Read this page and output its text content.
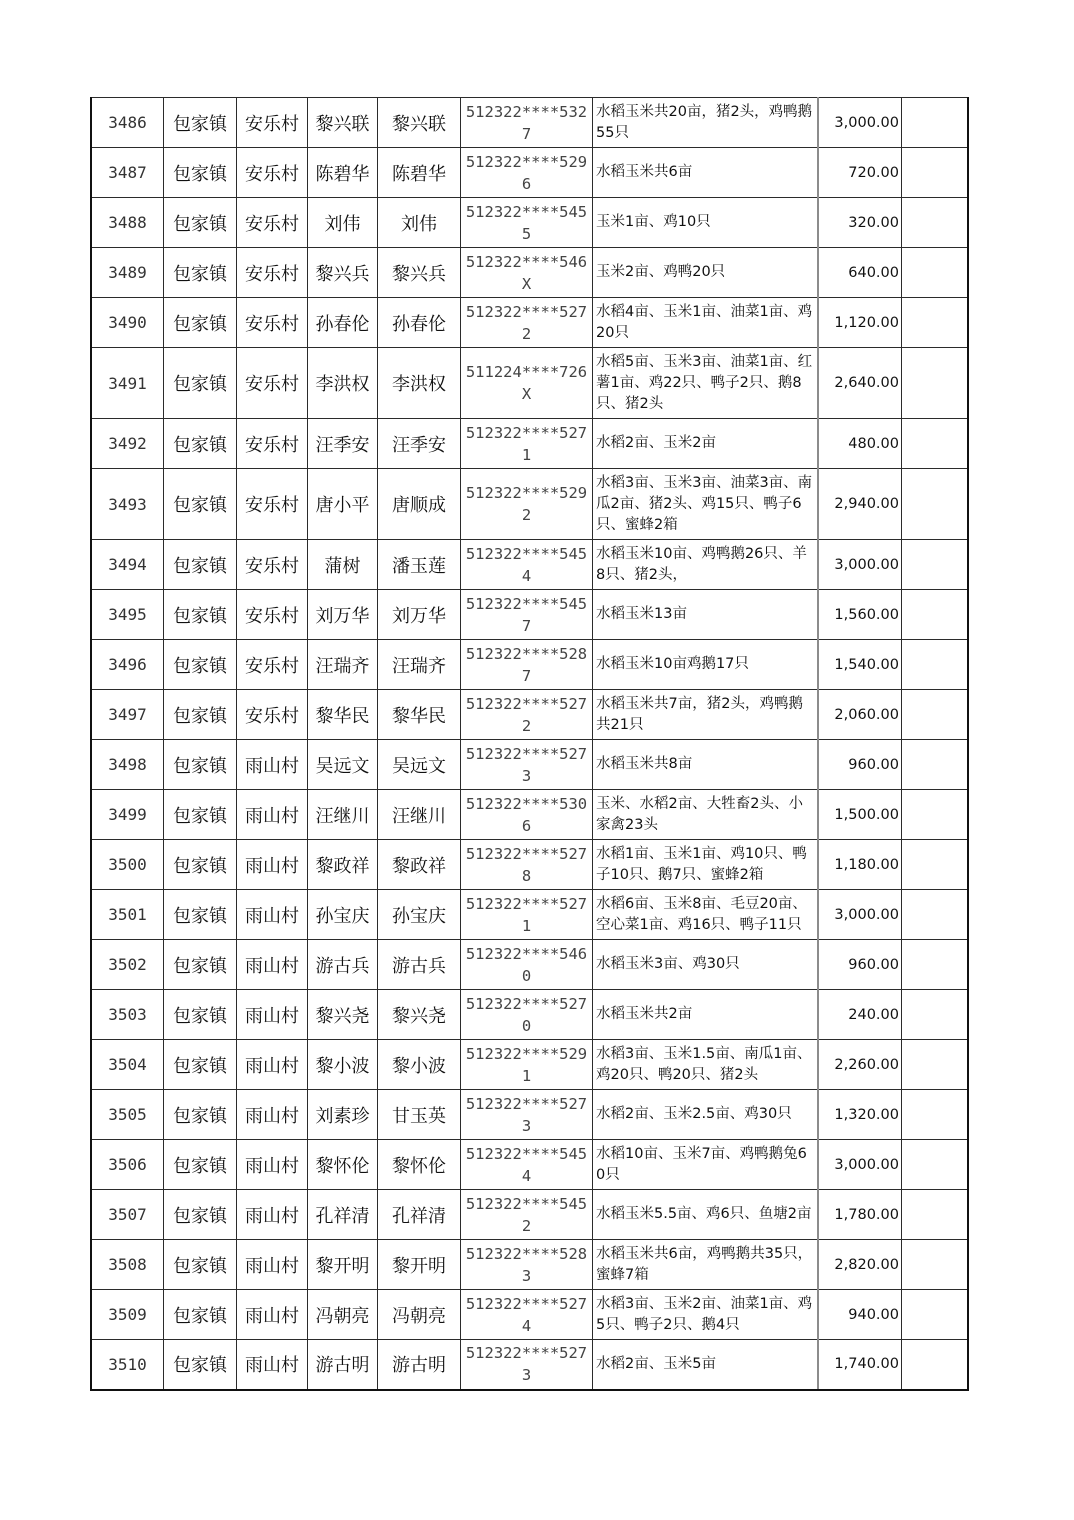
3486	包家镇	安乐村	黎兴联	黎兴联	512322****5327	水稻玉米共20亩，猪2头，鸡鸭鹅55只	3,000.00	
3487	包家镇	安乐村	陈碧华	陈碧华	512322****5296	水稻玉米共6亩	720.00	
3488	包家镇	安乐村	刘伟	刘伟	512322****5455	玉米1亩、鸡10只	320.00	
3489	包家镇	安乐村	黎兴兵	黎兴兵	512322****546X	玉米2亩、鸡鸭20只	640.00	
3490	包家镇	安乐村	孙春伦	孙春伦	512322****5272	水稻4亩、玉米1亩、油菜1亩、鸡20只	1,120.00	
3491	包家镇	安乐村	李洪权	李洪权	511224****726X	水稻5亩、玉米3亩、油菜1亩、红薯1亩、鸡22只、鸭子2只、鹅8只、猪2头	2,640.00	
3492	包家镇	安乐村	汪季安	汪季安	512322****5271	水稻2亩、玉米2亩	480.00	
3493	包家镇	安乐村	唐小平	唐顺成	512322****5292	水稻3亩、玉米3亩、油菜3亩、南瓜2亩、猪2头、鸡15只、鸭子6只、蜜蜂2箱	2,940.00	
3494	包家镇	安乐村	蒲树	潘玉莲	512322****5454	水稻玉米10亩、鸡鸭鹅26只、羊8只、猪2头，	3,000.00	
3495	包家镇	安乐村	刘万华	刘万华	512322****5457	水稻玉米13亩	1,560.00	
3496	包家镇	安乐村	汪瑞齐	汪瑞齐	512322****5287	水稻玉米10亩鸡鹅17只	1,540.00	
3497	包家镇	安乐村	黎华民	黎华民	512322****5272	水稻玉米共7亩，猪2头，鸡鸭鹅共21只	2,060.00	
3498	包家镇	雨山村	吴远文	吴远文	512322****5273	水稻玉米共8亩	960.00	
3499	包家镇	雨山村	汪继川	汪继川	512322****5306	玉米、水稻2亩、大牲畜2头、小家禽23头	1,500.00	
3500	包家镇	雨山村	黎政祥	黎政祥	512322****5278	水稻1亩、玉米1亩、鸡10只、鸭子10只、鹅7只、蜜蜂2箱	1,180.00	
3501	包家镇	雨山村	孙宝庆	孙宝庆	512322****5271	水稻6亩、玉米8亩、毛豆20亩、空心菜1亩、鸡16只、鸭子11只	3,000.00	
3502	包家镇	雨山村	游古兵	游古兵	512322****5460	水稻玉米3亩、鸡30只	960.00	
3503	包家镇	雨山村	黎兴尧	黎兴尧	512322****5270	水稻玉米共2亩	240.00	
3504	包家镇	雨山村	黎小波	黎小波	512322****5291	水稻3亩、玉米1.5亩、南瓜1亩、鸡20只、鸭20只、猪2头	2,260.00	
3505	包家镇	雨山村	刘素珍	甘玉英	512322****5273	水稻2亩、玉米2.5亩、鸡30只	1,320.00	
3506	包家镇	雨山村	黎怀伦	黎怀伦	512322****5454	水稻10亩、玉米7亩、鸡鸭鹅兔60只	3,000.00	
3507	包家镇	雨山村	孔祥清	孔祥清	512322****5452	水稻玉米5.5亩、鸡6只、鱼塘2亩	1,780.00	
3508	包家镇	雨山村	黎开明	黎开明	512322****5283	水稻玉米共6亩，鸡鸭鹅共35只，蜜蜂7箱	2,820.00	
3509	包家镇	雨山村	冯朝亮	冯朝亮	512322****5274	水稻3亩、玉米2亩、油菜1亩、鸡5只、鸭子2只、鹅4只	940.00	
3510	包家镇	雨山村	游古明	游古明	512322****5273	水稻2亩、玉米5亩	1,740.00	
